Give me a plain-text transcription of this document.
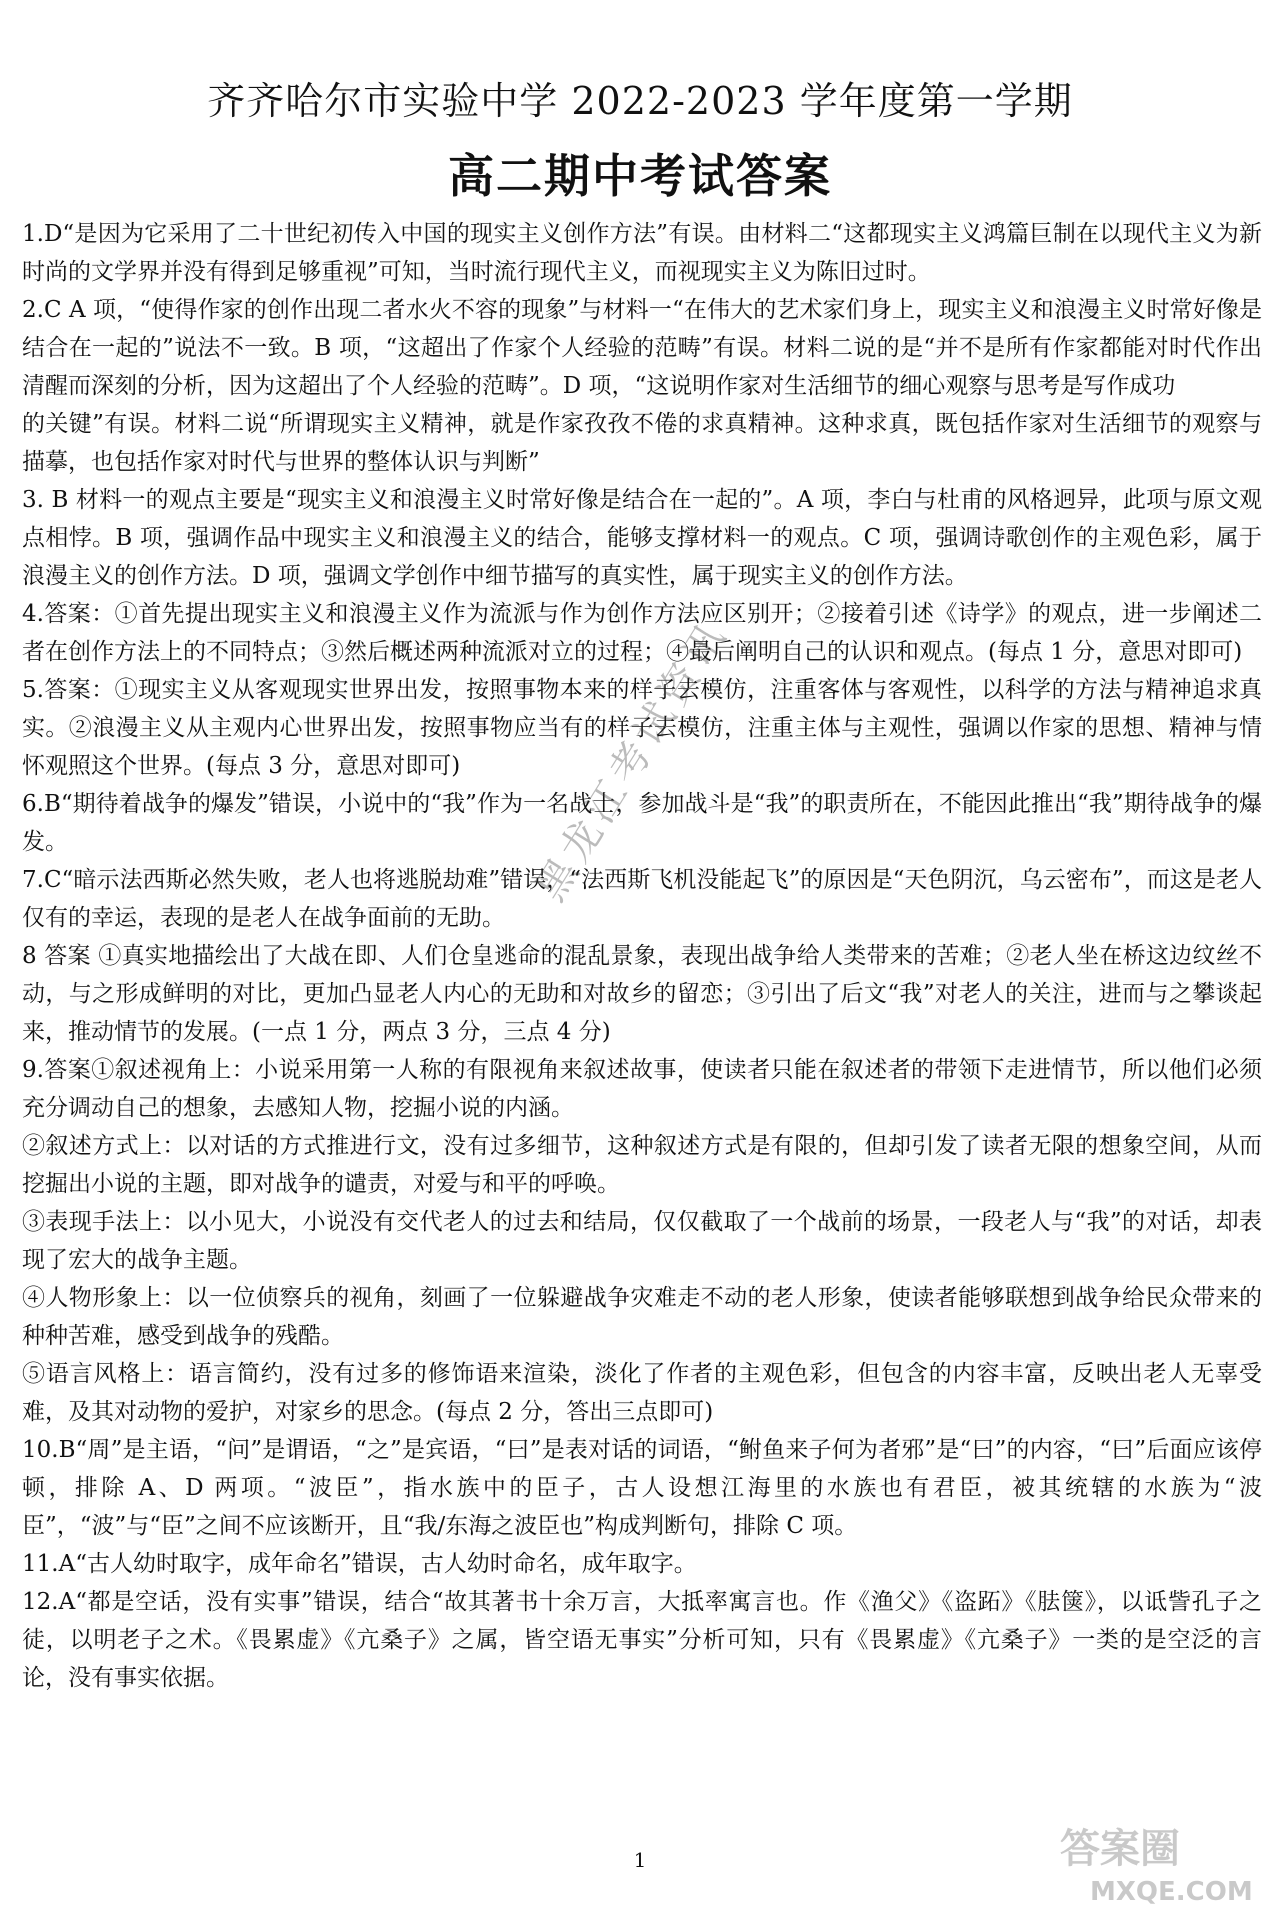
齐齐哈尔市实验中学 2022-2023 学年度第一学期
高二期中考试答案

1.D“是因为它采用了二十世纪初传入中国的现实主义创作方法”有误。由材料二“这都现实主义鸿篇巨制在以现代主义为新时尚的文学界并没有得到足够重视”可知，当时流行现代主义，而视现实主义为陈旧过时。

2.C A 项，“使得作家的创作出现二者水火不容的现象”与材料一“在伟大的艺术家们身上，现实主义和浪漫主义时常好像是结合在一起的”说法不一致。B 项，“这超出了作家个人经验的范畴”有误。材料二说的是“并不是所有作家都能对时代作出清醒而深刻的分析，因为这超出了个人经验的范畴”。D 项，“这说明作家对生活细节的细心观察与思考是写作成功

的关键”有误。材料二说“所谓现实主义精神，就是作家孜孜不倦的求真精神。这种求真，既包括作家对生活细节的观察与描摹，也包括作家对时代与世界的整体认识与判断”

3. B 材料一的观点主要是“现实主义和浪漫主义时常好像是结合在一起的”。A 项，李白与杜甫的风格迥异，此项与原文观点相悖。B 项，强调作品中现实主义和浪漫主义的结合，能够支撑材料一的观点。C 项，强调诗歌创作的主观色彩，属于浪漫主义的创作方法。D 项，强调文学创作中细节描写的真实性，属于现实主义的创作方法。

4.答案：①首先提出现实主义和浪漫主义作为流派与作为创作方法应区别开；②接着引述《诗学》的观点，进一步阐述二者在创作方法上的不同特点；③然后概述两种流派对立的过程；④最后阐明自己的认识和观点。(每点 1 分，意思对即可)

5.答案：①现实主义从客观现实世界出发，按照事物本来的样子去模仿，注重客体与客观性，以科学的方法与精神追求真实。②浪漫主义从主观内心世界出发，按照事物应当有的样子去模仿，注重主体与主观性，强调以作家的思想、精神与情怀观照这个世界。(每点 3 分，意思对即可)

6.B“期待着战争的爆发”错误，小说中的“我”作为一名战士，参加战斗是“我”的职责所在，不能因此推出“我”期待战争的爆发。

7.C“暗示法西斯必然失败，老人也将逃脱劫难”错误，“法西斯飞机没能起飞”的原因是“天色阴沉，乌云密布”，而这是老人仅有的幸运，表现的是老人在战争面前的无助。

8 答案 ①真实地描绘出了大战在即、人们仓皇逃命的混乱景象，表现出战争给人类带来的苦难；②老人坐在桥这边纹丝不动，与之形成鲜明的对比，更加凸显老人内心的无助和对故乡的留恋；③引出了后文“我”对老人的关注，进而与之攀谈起来，推动情节的发展。(一点 1 分，两点 3 分，三点 4 分)

9.答案①叙述视角上：小说采用第一人称的有限视角来叙述故事，使读者只能在叙述者的带领下走进情节，所以他们必须充分调动自己的想象，去感知人物，挖掘小说的内涵。

②叙述方式上：以对话的方式推进行文，没有过多细节，这种叙述方式是有限的，但却引发了读者无限的想象空间，从而挖掘出小说的主题，即对战争的谴责，对爱与和平的呼唤。

③表现手法上：以小见大，小说没有交代老人的过去和结局，仅仅截取了一个战前的场景，一段老人与“我”的对话，却表现了宏大的战争主题。

④人物形象上：以一位侦察兵的视角，刻画了一位躲避战争灾难走不动的老人形象，使读者能够联想到战争给民众带来的种种苦难，感受到战争的残酷。

⑤语言风格上：语言简约，没有过多的修饰语来渲染，淡化了作者的主观色彩，但包含的内容丰富，反映出老人无辜受难，及其对动物的爱护，对家乡的思念。(每点 2 分，答出三点即可)

10.B“周”是主语，“问”是谓语，“之”是宾语，“曰”是表对话的词语，“鲋鱼来子何为者邪”是“曰”的内容，“曰”后面应该停顿，排除 A、D 两项。“波臣”，指水族中的臣子，古人设想江海里的水族也有君臣，被其统辖的水族为“波臣”，“波”与“臣”之间不应该断开，且“我/东海之波臣也”构成判断句，排除 C 项。

11.A“古人幼时取字，成年命名”错误，古人幼时命名，成年取字。

12.A“都是空话，没有实事”错误，结合“故其著书十余万言，大抵率寓言也。作《渔父》《盗跖》《胠箧》，以诋訾孔子之徒，以明老子之术。《畏累虚》《亢桑子》之属，皆空语无事实”分析可知，只有《畏累虚》《亢桑子》一类的是空泛的言论，没有事实依据。

黑龙江考试资讯
1	答案圈
MXQE.COM
